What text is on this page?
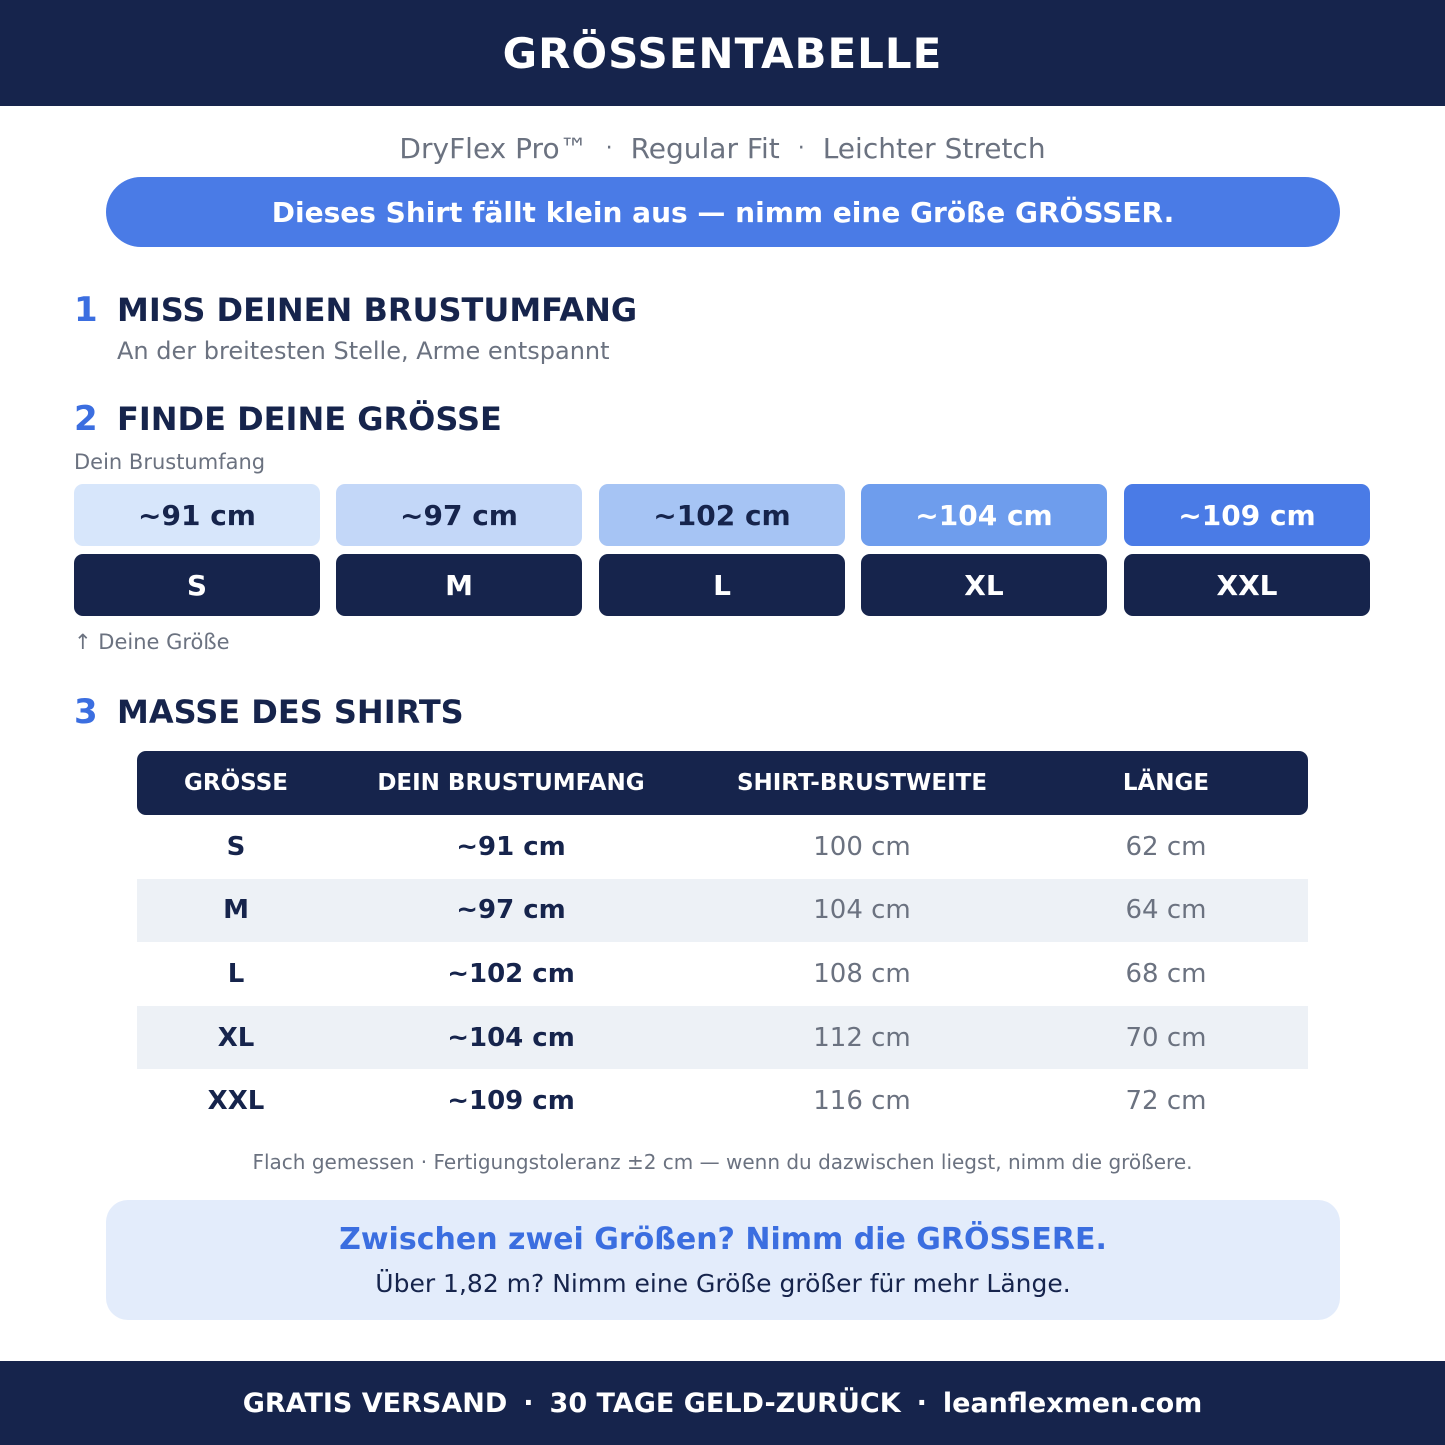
GRÖSSENTABELLE
DryFlex Pro™ · Regular Fit · Leichter Stretch
Dieses Shirt fällt klein aus — nimm eine Größe GRÖSSER.
1 MISS DEINEN BRUSTUMFANG
An der breitesten Stelle, Arme entspannt
2 FINDE DEINE GRÖSSE
Dein Brustumfang
~91 cm	~97 cm	~102 cm	~104 cm	~109 cm
S	M	L	XL	XXL
↑ Deine Größe
3 MASSE DES SHIRTS
GRÖSSE	DEIN BRUSTUMFANG	SHIRT-BRUSTWEITE	LÄNGE
S	~91 cm	100 cm	62 cm
M	~97 cm	104 cm	64 cm
L	~102 cm	108 cm	68 cm
XL	~104 cm	112 cm	70 cm
XXL	~109 cm	116 cm	72 cm
Flach gemessen · Fertigungstoleranz ±2 cm — wenn du dazwischen liegst, nimm die größere.
Zwischen zwei Größen? Nimm die GRÖSSERE.
Über 1,82 m? Nimm eine Größe größer für mehr Länge.
GRATIS VERSAND · 30 TAGE GELD-ZURÜCK · leanflexmen.com
